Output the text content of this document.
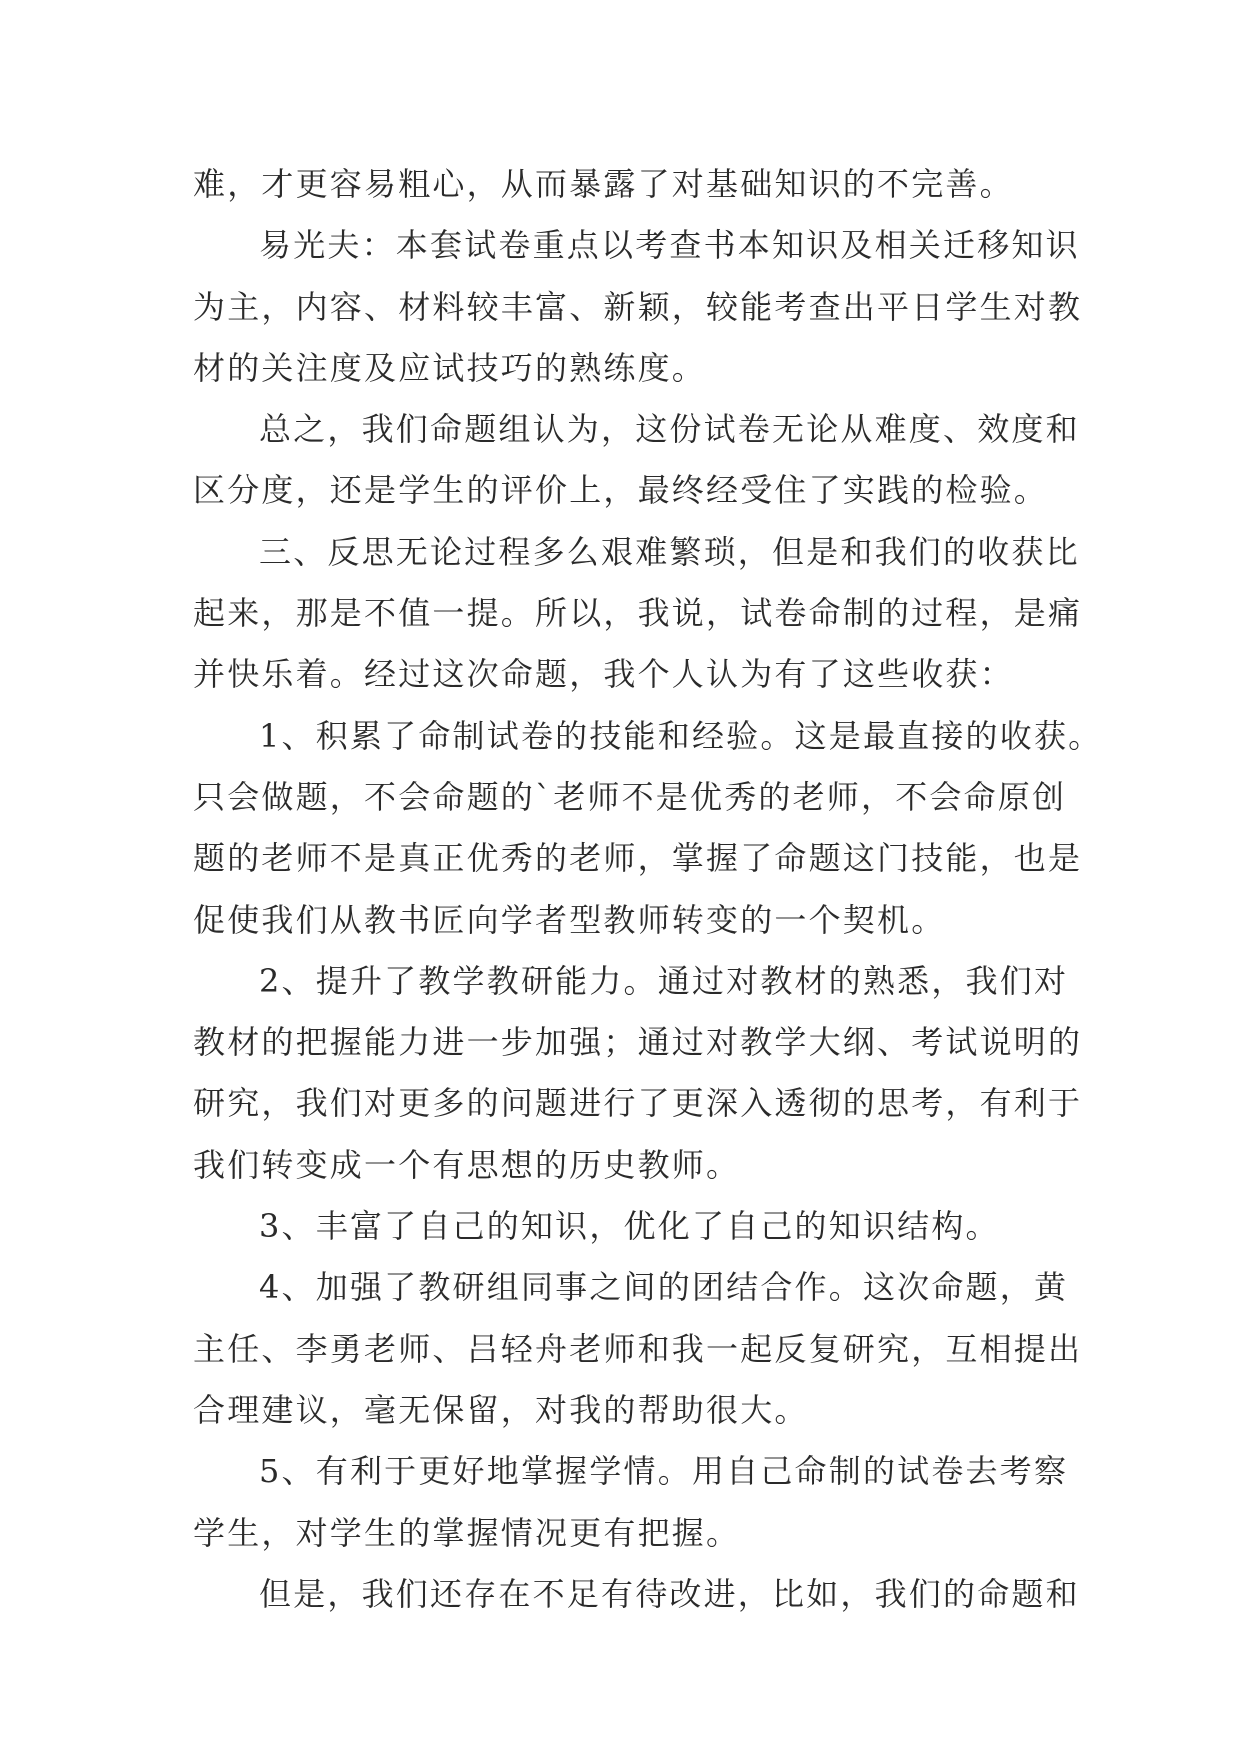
难，才更容易粗心，从而暴露了对基础知识的不完善。
易光夫：本套试卷重点以考查书本知识及相关迁移知识
为主，内容、材料较丰富、新颖，较能考查出平日学生对教
材的关注度及应试技巧的熟练度。
总之，我们命题组认为，这份试卷无论从难度、效度和
区分度，还是学生的评价上，最终经受住了实践的检验。
三、反思无论过程多么艰难繁琐，但是和我们的收获比
起来，那是不值一提。所以，我说，试卷命制的过程，是痛
并快乐着。经过这次命题，我个人认为有了这些收获：
1、积累了命制试卷的技能和经验。这是最直接的收获。
只会做题，不会命题的`老师不是优秀的老师，不会命原创
题的老师不是真正优秀的老师，掌握了命题这门技能，也是
促使我们从教书匠向学者型教师转变的一个契机。
2、提升了教学教研能力。通过对教材的熟悉，我们对
教材的把握能力进一步加强；通过对教学大纲、考试说明的
研究，我们对更多的问题进行了更深入透彻的思考，有利于
我们转变成一个有思想的历史教师。
3、丰富了自己的知识，优化了自己的知识结构。
4、加强了教研组同事之间的团结合作。这次命题，黄
主任、李勇老师、吕轻舟老师和我一起反复研究，互相提出
合理建议，毫无保留，对我的帮助很大。
5、有利于更好地掌握学情。用自己命制的试卷去考察
学生，对学生的掌握情况更有把握。
但是，我们还存在不足有待改进，比如，我们的命题和
